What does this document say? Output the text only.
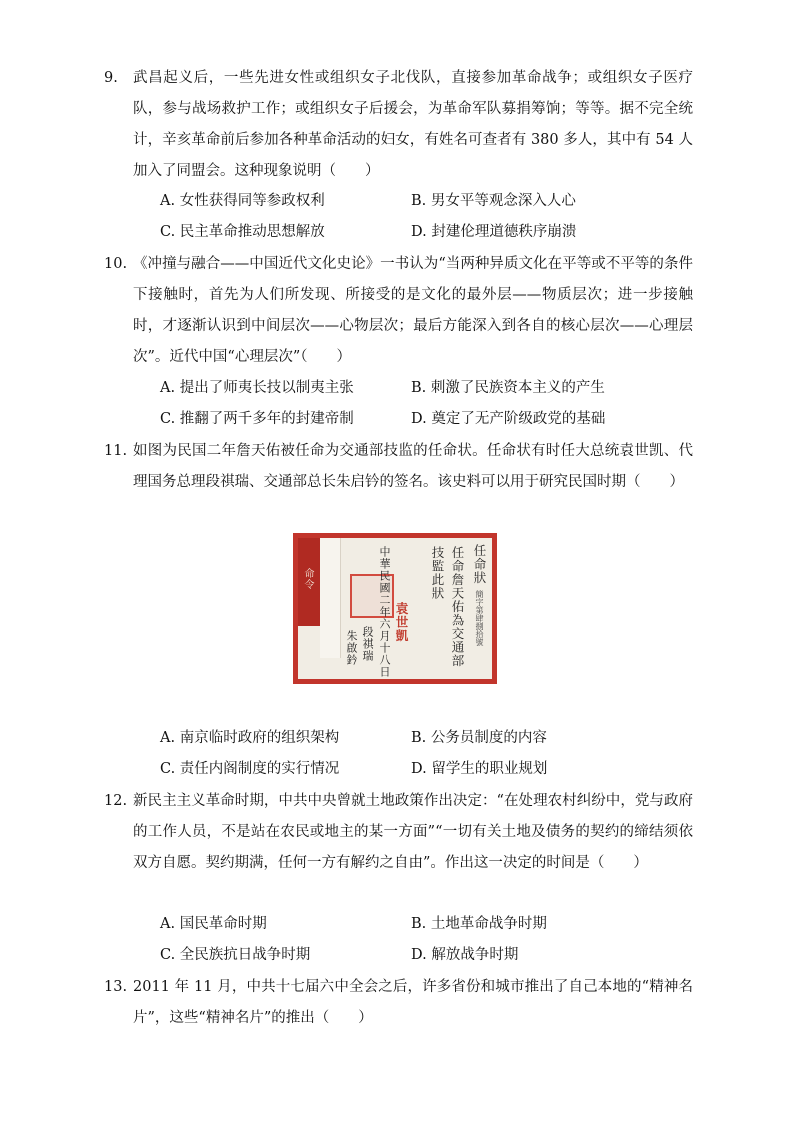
9. 武昌起义后，一些先进女性或组织女子北伐队，直接参加革命战争；或组织女子医疗队，参与战场救护工作；或组织女子后援会，为革命军队募捐筹饷；等等。据不完全统计，辛亥革命前后参加各种革命活动的妇女，有姓名可查者有 380 多人，其中有 54 人加入了同盟会。这种现象说明（　　）
A. 女性获得同等参政权利	B. 男女平等观念深入人心
C. 民主革命推动思想解放	D. 封建伦理道德秩序崩溃
10. 《冲撞与融合——中国近代文化史论》一书认为“当两种异质文化在平等或不平等的条件下接触时，首先为人们所发现、所接受的是文化的最外层——物质层次；进一步接触时，才逐渐认识到中间层次——心物层次；最后方能深入到各自的核心层次——心理层次”。近代中国“心理层次”（　　）
A. 提出了师夷长技以制夷主张	B. 刺激了民族资本主义的产生
C. 推翻了两千多年的封建帝制	D. 奠定了无产阶级政党的基础
11. 如图为民国二年詹天佑被任命为交通部技监的任命状。任命状有时任大总统袁世凯、代理国务总理段祺瑞、交通部总长朱启钤的签名。该史料可以用于研究民国时期（　　）
命令	任命狀
簡字第肆捌拾號
任命詹天佑為交通部
技監此狀
袁世凱
中華民國二年六月十八日
段祺瑞
朱啟鈐
A. 南京临时政府的组织架构	B. 公务员制度的内容
C. 责任内阁制度的实行情况	D. 留学生的职业规划
12. 新民主主义革命时期，中共中央曾就土地政策作出决定：“在处理农村纠纷中，党与政府的工作人员，不是站在农民或地主的某一方面”“一切有关土地及债务的契约的缔结须依双方自愿。契约期满，任何一方有解约之自由”。作出这一决定的时间是（　　）
A. 国民革命时期	B. 土地革命战争时期
C. 全民族抗日战争时期	D. 解放战争时期
13. 2011 年 11 月，中共十七届六中全会之后，许多省份和城市推出了自己本地的“精神名片”，这些“精神名片”的推出（　　）
